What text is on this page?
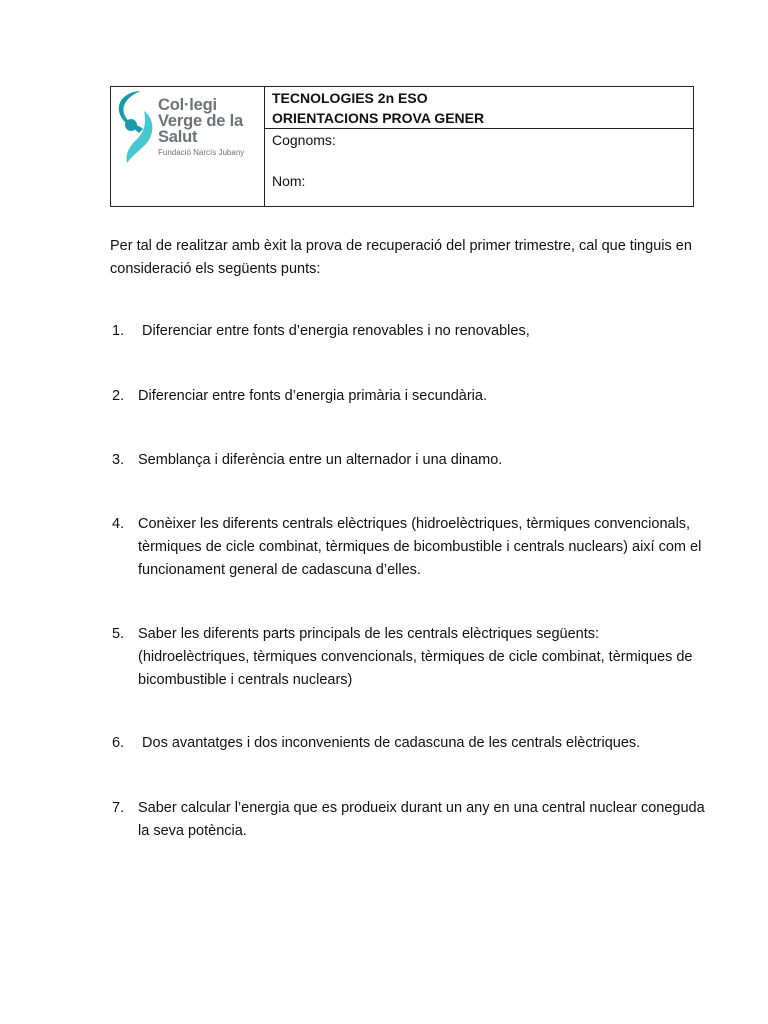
Col·legi
Verge de la
Salut
Fundació Narcís Jubany
TECNOLOGIES 2n ESO
ORIENTACIONS PROVA GENER
Cognoms:
Nom:
Per tal de realitzar amb èxit la prova de recuperació del primer trimestre, cal que tinguis en consideració els següents punts:
1. Diferenciar entre fonts d’energia renovables i no renovables,
2. Diferenciar entre fonts d’energia primària i secundària.
3. Semblança i diferència entre un alternador i una dinamo.
4. Conèixer les diferents centrals elèctriques (hidroelèctriques, tèrmiques convencionals, tèrmiques de cicle combinat, tèrmiques de bicombustible i centrals nuclears) així com el funcionament general de cadascuna d’elles.
5. Saber les diferents parts principals de les centrals elèctriques següents: (hidroelèctriques, tèrmiques convencionals, tèrmiques de cicle combinat, tèrmiques de bicombustible i centrals nuclears)
6. Dos avantatges i dos inconvenients de cadascuna de les centrals elèctriques.
7. Saber calcular l’energia que es produeix durant un any en una central nuclear coneguda la seva potència.
